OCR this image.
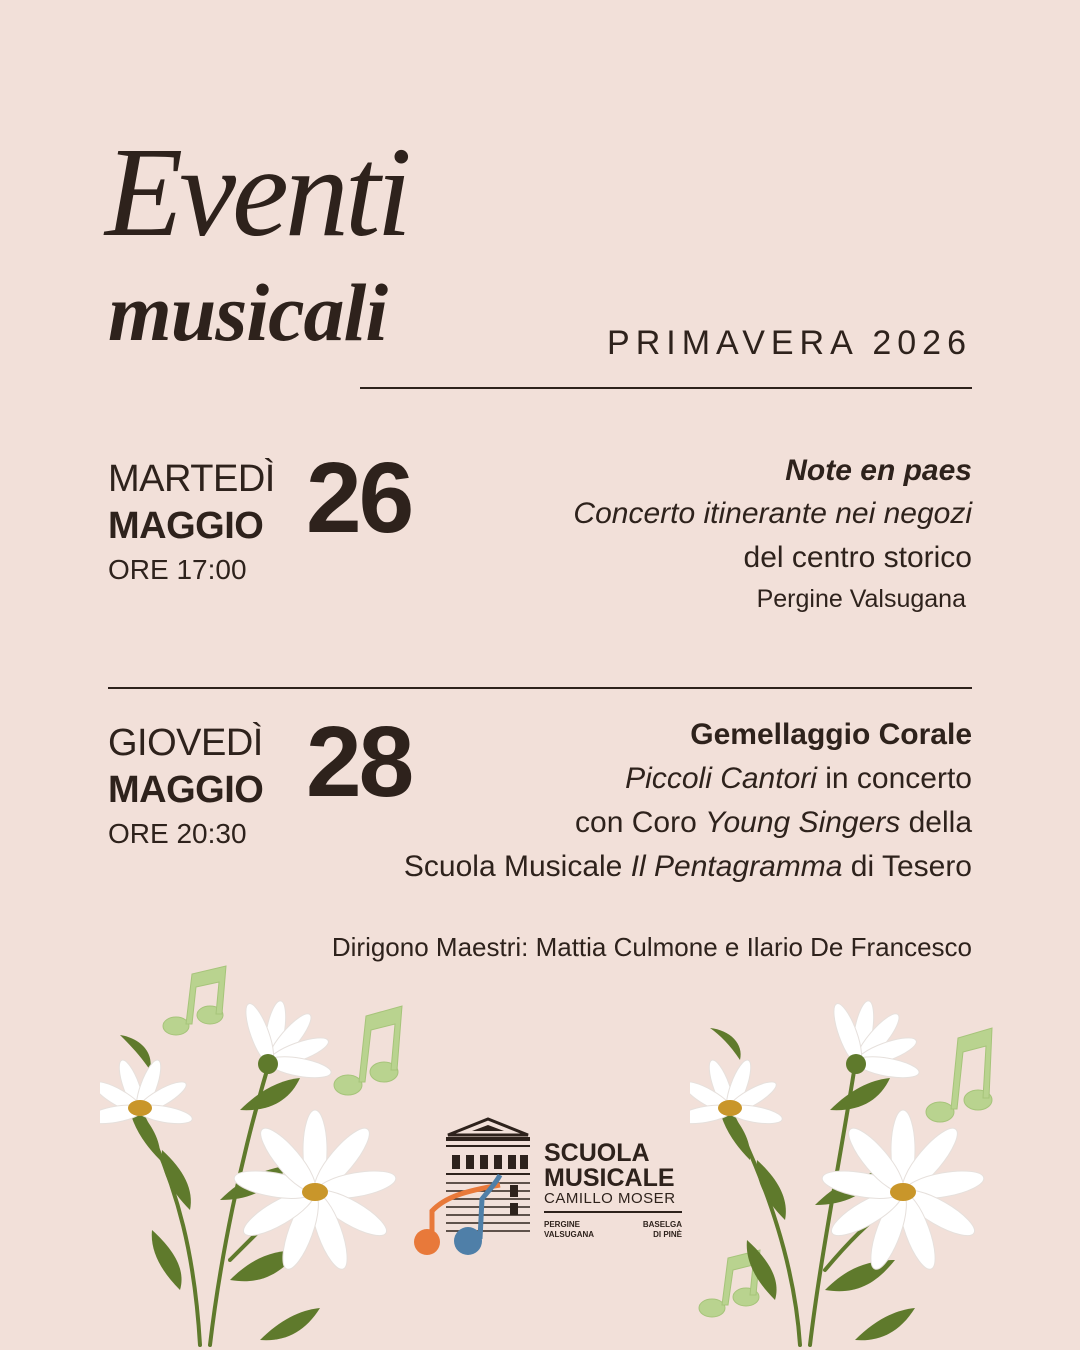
Eventi
musicali	PRIMAVERA 2026
MARTEDÌ
MAGGIO
ORE 17:00
26	Note en paes
Concerto itinerante nei negozi
del centro storico
Pergine Valsugana
GIOVEDÌ
MAGGIO
ORE 20:30
28	Gemellaggio Corale
Piccoli Cantori in concerto
con Coro Young Singers della
Scuola Musicale Il Pentagramma di Tesero
Dirigono Maestri: Mattia Culmone e Ilario De Francesco
SCUOLA
MUSICALE
CAMILLO MOSER
PERGINE
VALSUGANA
BASELGA
DI PINÈ
